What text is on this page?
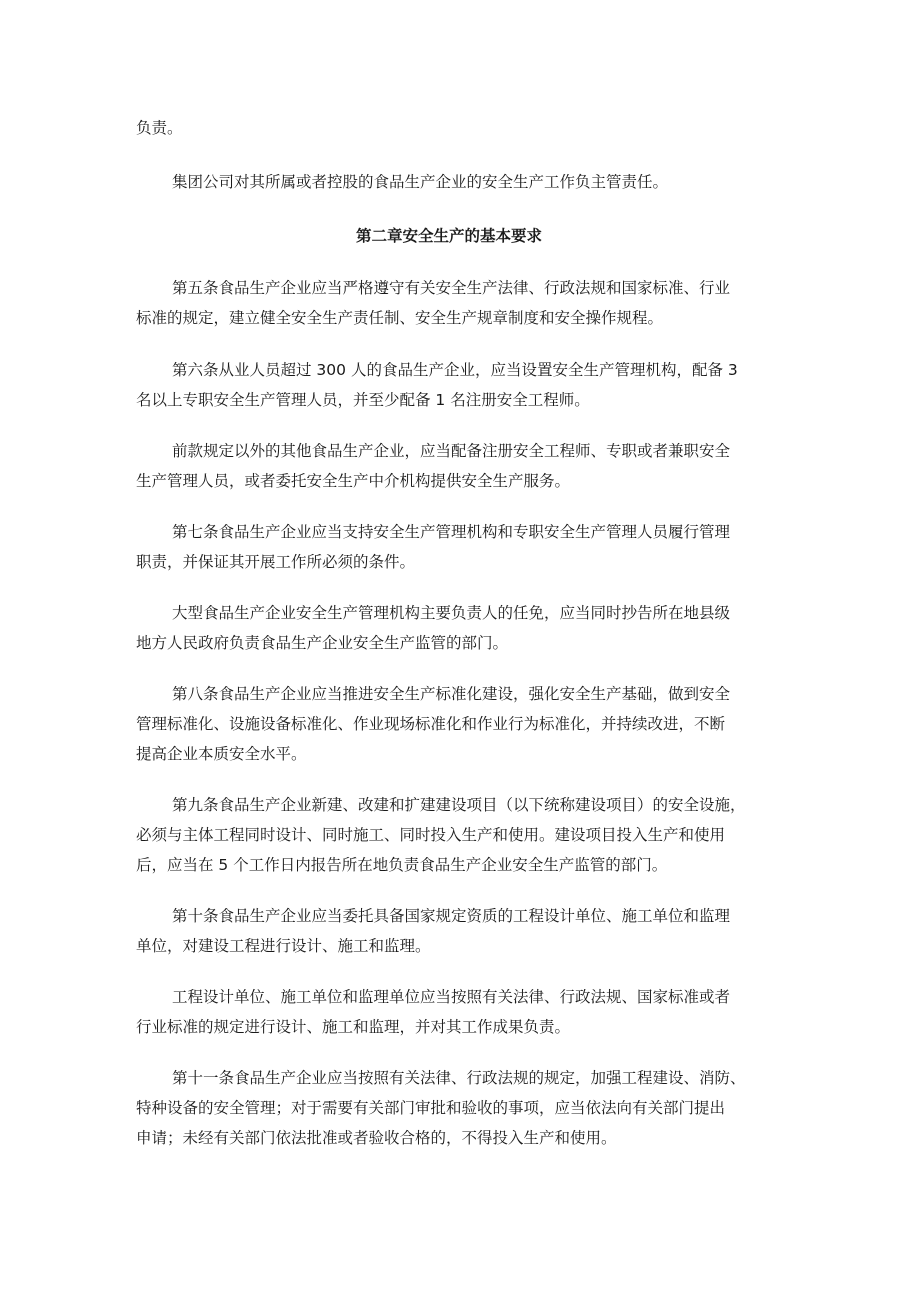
负责。

集团公司对其所属或者控股的食品生产企业的安全生产工作负主管责任。

第二章安全生产的基本要求

第五条食品生产企业应当严格遵守有关安全生产法律、行政法规和国家标准、行业

标准的规定，建立健全安全生产责任制、安全生产规章制度和安全操作规程。

第六条从业人员超过 300 人的食品生产企业，应当设置安全生产管理机构，配备 3

名以上专职安全生产管理人员，并至少配备 1 名注册安全工程师。

前款规定以外的其他食品生产企业，应当配备注册安全工程师、专职或者兼职安全

生产管理人员，或者委托安全生产中介机构提供安全生产服务。

第七条食品生产企业应当支持安全生产管理机构和专职安全生产管理人员履行管理

职责，并保证其开展工作所必须的条件。

大型食品生产企业安全生产管理机构主要负责人的任免，应当同时抄告所在地县级

地方人民政府负责食品生产企业安全生产监管的部门。

第八条食品生产企业应当推进安全生产标准化建设，强化安全生产基础，做到安全

管理标准化、设施设备标准化、作业现场标准化和作业行为标准化，并持续改进，不断

提高企业本质安全水平。

第九条食品生产企业新建、改建和扩建建设项目（以下统称建设项目）的安全设施，

必须与主体工程同时设计、同时施工、同时投入生产和使用。建设项目投入生产和使用

后，应当在 5 个工作日内报告所在地负责食品生产企业安全生产监管的部门。

第十条食品生产企业应当委托具备国家规定资质的工程设计单位、施工单位和监理

单位，对建设工程进行设计、施工和监理。

工程设计单位、施工单位和监理单位应当按照有关法律、行政法规、国家标准或者

行业标准的规定进行设计、施工和监理，并对其工作成果负责。

第十一条食品生产企业应当按照有关法律、行政法规的规定，加强工程建设、消防、

特种设备的安全管理；对于需要有关部门审批和验收的事项，应当依法向有关部门提出

申请；未经有关部门依法批准或者验收合格的，不得投入生产和使用。
